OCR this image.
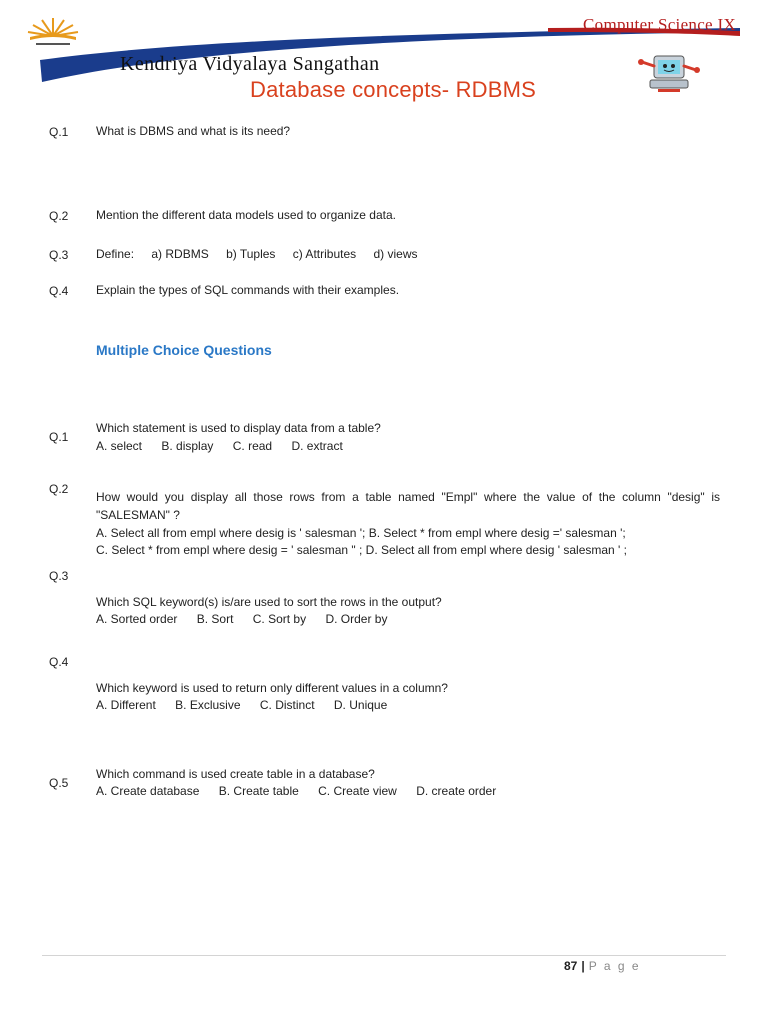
Computer Science IX
Kendriya Vidyalaya Sangathan
Database concepts- RDBMS
Q.1 What is DBMS and what is its need?
Q.2 Mention the different data models used to organize data.
Q.3 Define: a) RDBMS b) Tuples c) Attributes d) views
Q.4 Explain the types of SQL commands with their examples.
Multiple Choice Questions
Q.1
Which statement is used to display data from a table?
A. select B. display C. read D. extract
Q.2
How would you display all those rows from a table named "Empl" where the value of the column "desig" is "SALESMAN" ?
A. Select all from empl where desig is ' salesman '; B. Select * from empl where desig =' salesman ';
C. Select * from empl where desig = ' salesman " ; D. Select all from empl where desig ' salesman ' ;
Q.3
Which SQL keyword(s) is/are used to sort the rows in the output?
A. Sorted order B. Sort C. Sort by D. Order by
Q.4
Which keyword is used to return only different values in a column?
A. Different B. Exclusive C. Distinct D. Unique
Q.5
Which command is used create table in a database?
A. Create database B. Create table C. Create view D. create order
87 | P a g e
